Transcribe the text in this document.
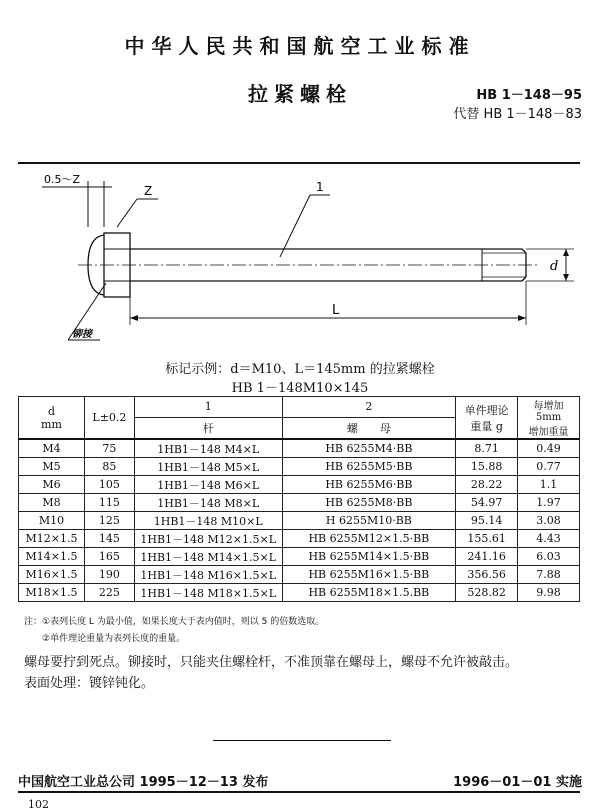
中华人民共和国航空工业标准
拉紧螺栓	HB 1－148－95
代替 HB 1－148－83
0.5～Z
Z	1
d
L
铆接
标记示例：d＝M10、L＝145mm 的拉紧螺栓
HB 1－148M10×145
d
mm	L±0.2	1	2	单件理论
重量 g	每增加
5mm
增加重量
		杆	螺　　母		
M4	75	1HB1－148 M4×L	HB 6255M4·BB	8.71	0.49
M5	85	1HB1－148 M5×L	HB 6255M5·BB	15.88	0.77
M6	105	1HB1－148 M6×L	HB 6255M6·BB	28.22	1.1
M8	115	1HB1－148 M8×L	HB 6255M8·BB	54.97	1.97
M10	125	1HB1－148 M10×L	H 6255M10·BB	95.14	3.08
M12×1.5	145	1HB1－148 M12×1.5×L	HB 6255M12×1.5·BB	155.61	4.43
M14×1.5	165	1HB1－148 M14×1.5×L	HB 6255M14×1.5·BB	241.16	6.03
M16×1.5	190	1HB1－148 M16×1.5×L	HB 6255M16×1.5·BB	356.56	7.88
M18×1.5	225	1HB1－148 M18×1.5×L	HB 6255M18×1.5.BB	528.82	9.98
注：①表列长度 L 为最小值，如果长度大于表内值时，则以 5 的倍数选取。
②单件理论重量为表列长度的重量。
螺母要拧到死点。铆接时，只能夹住螺栓杆，不准顶靠在螺母上，螺母不允许被敲击。
表面处理：镀锌钝化。
中国航空工业总公司 1995－12－13 发布	1996－01－01 实施
102
